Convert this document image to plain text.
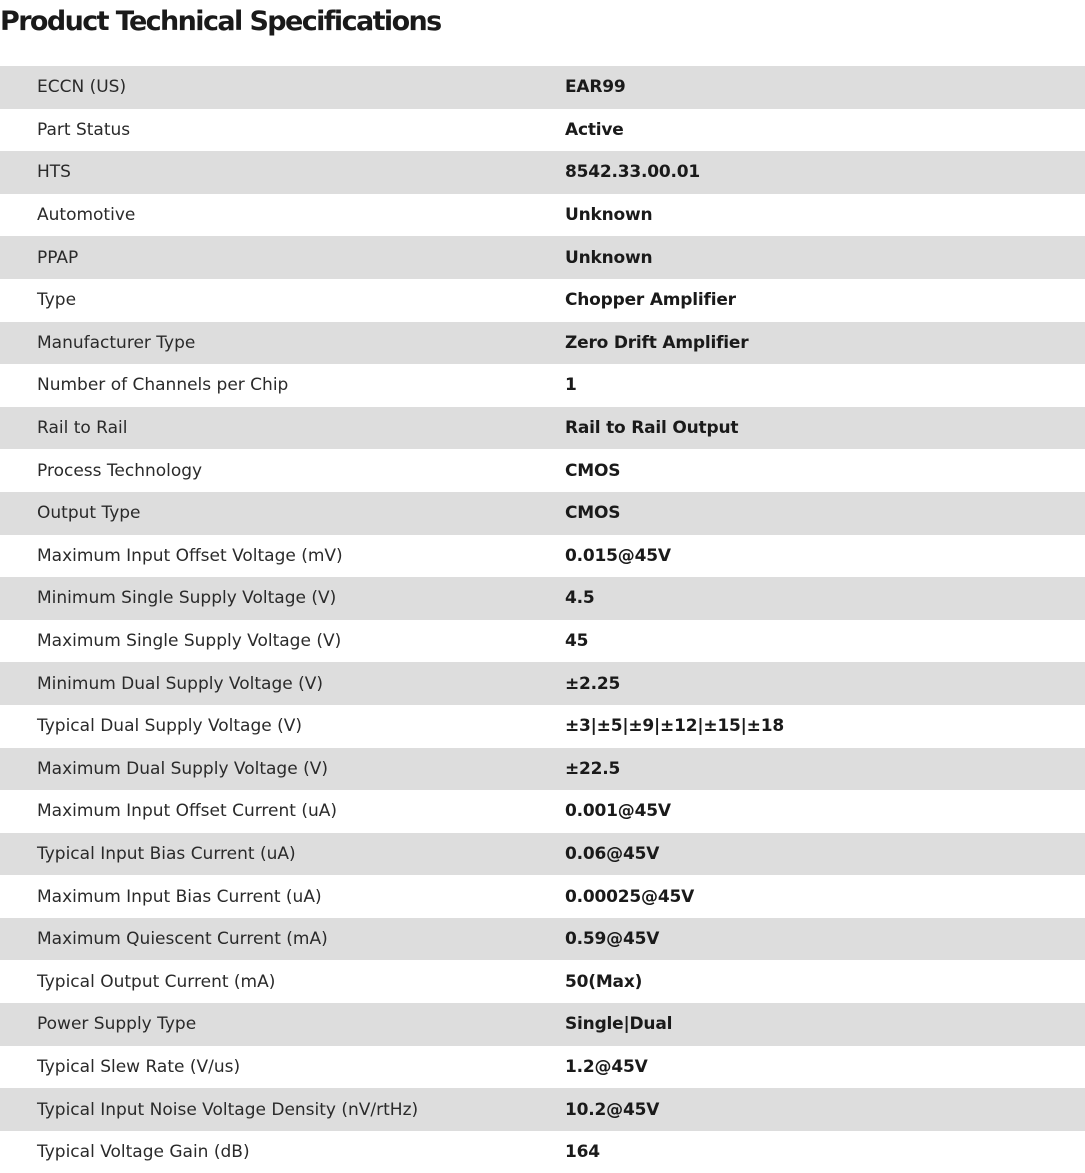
Product Technical Specifications
ECCN (US)	EAR99
Part Status	Active
HTS	8542.33.00.01
Automotive	Unknown
PPAP	Unknown
Type	Chopper Amplifier
Manufacturer Type	Zero Drift Amplifier
Number of Channels per Chip	1
Rail to Rail	Rail to Rail Output
Process Technology	CMOS
Output Type	CMOS
Maximum Input Offset Voltage (mV)	0.015@45V
Minimum Single Supply Voltage (V)	4.5
Maximum Single Supply Voltage (V)	45
Minimum Dual Supply Voltage (V)	±2.25
Typical Dual Supply Voltage (V)	±3|±5|±9|±12|±15|±18
Maximum Dual Supply Voltage (V)	±22.5
Maximum Input Offset Current (uA)	0.001@45V
Typical Input Bias Current (uA)	0.06@45V
Maximum Input Bias Current (uA)	0.00025@45V
Maximum Quiescent Current (mA)	0.59@45V
Typical Output Current (mA)	50(Max)
Power Supply Type	Single|Dual
Typical Slew Rate (V/us)	1.2@45V
Typical Input Noise Voltage Density (nV/rtHz)	10.2@45V
Typical Voltage Gain (dB)	164
